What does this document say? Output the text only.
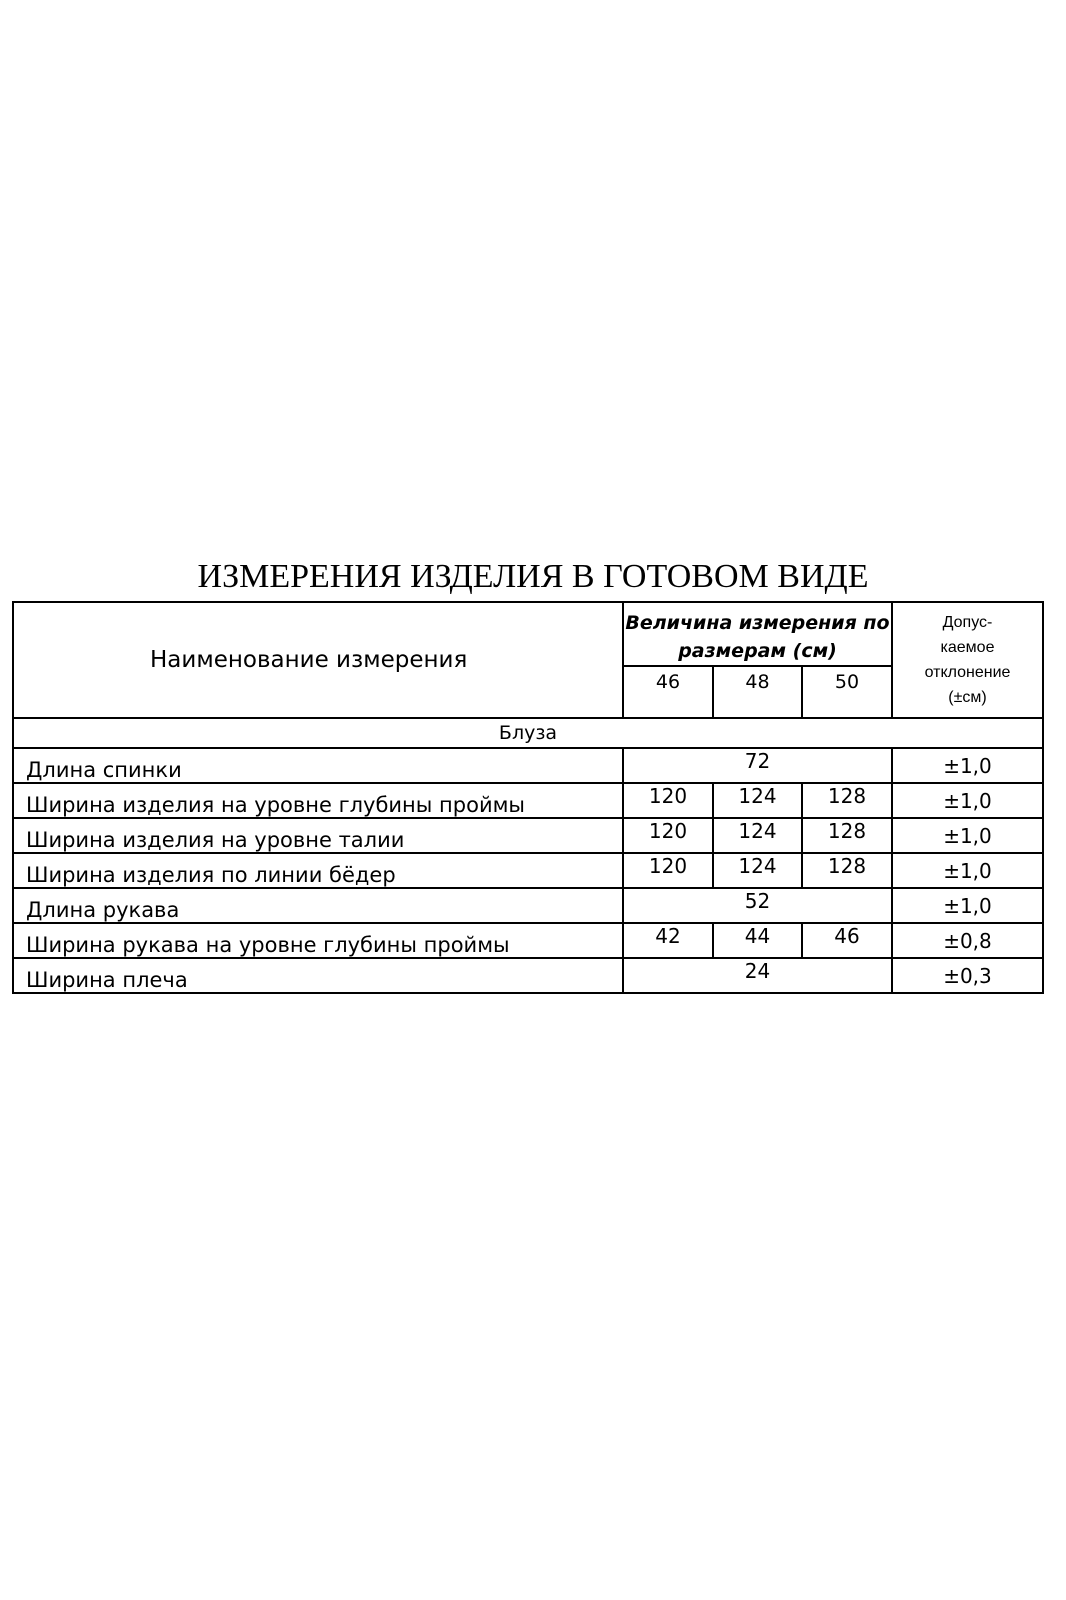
ИЗМЕРЕНИЯ ИЗДЕЛИЯ В ГОТОВОМ ВИДЕ
Наименование измерения	Величина измерения по размерам (см)			Допус-
каемое
отклонение
(±см)

	46	48	50	
Блуза				
Длина спинки	72			±1,0
Ширина изделия на уровне глубины проймы	120	124	128	±1,0
Ширина изделия на уровне талии	120	124	128	±1,0
Ширина изделия по линии бёдер	120	124	128	±1,0
Длина рукава	52			±1,0
Ширина рукава на уровне глубины проймы	42	44	46	±0,8
Ширина плеча	24			±0,3
